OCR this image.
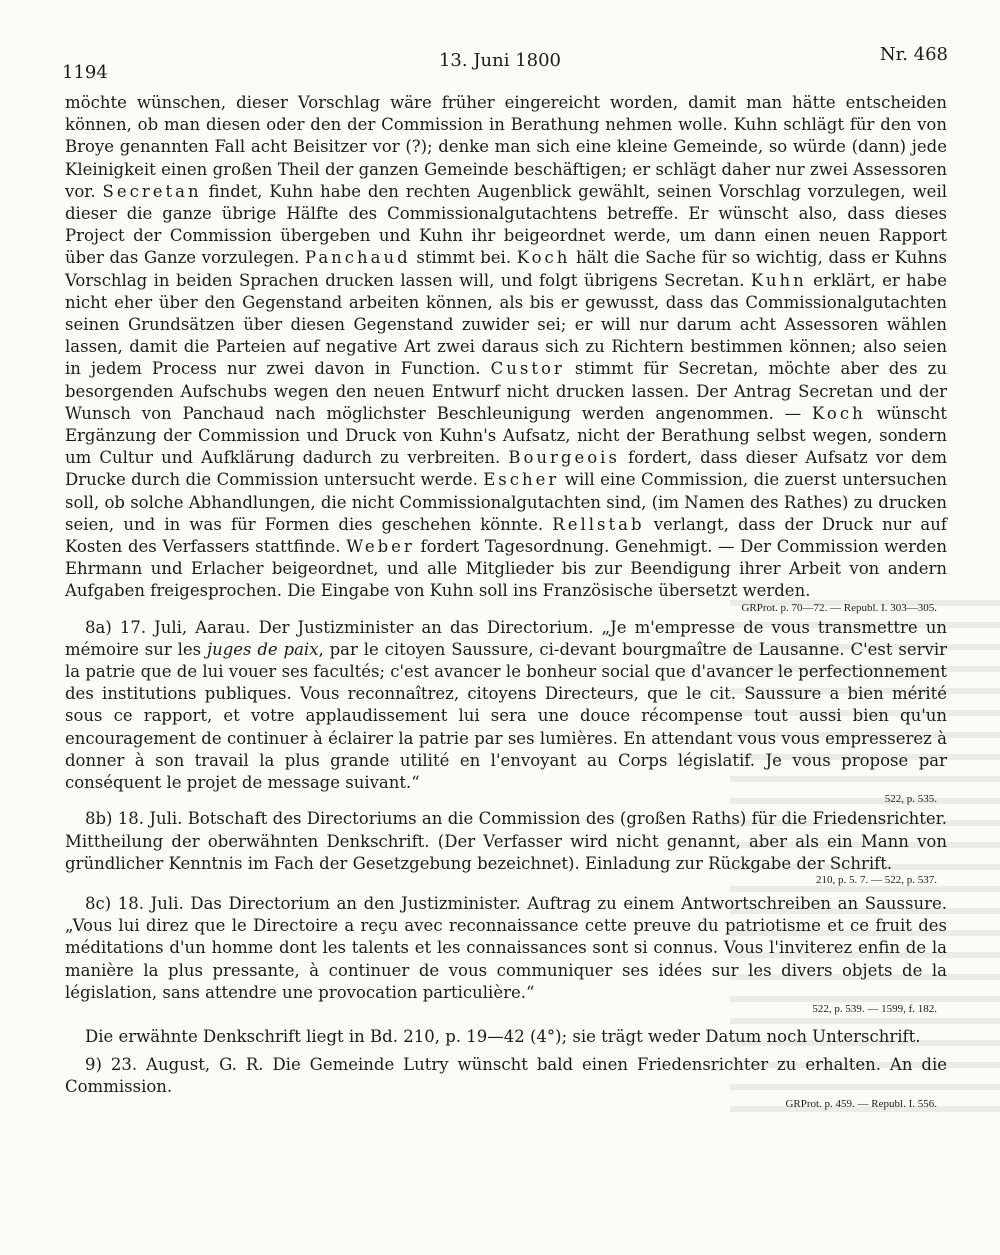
1194
13. Juni 1800	Nr. 468

möchte wünschen, dieser Vorschlag wäre früher eingereicht worden, damit man hätte entscheiden können, ob man diesen oder den der Commission in Berathung nehmen wolle. Kuhn schlägt für den von Broye genannten Fall acht Beisitzer vor (?); denke man sich eine kleine Gemeinde, so würde (dann) jede Kleinigkeit einen großen Theil der ganzen Gemeinde beschäftigen; er schlägt daher nur zwei Assessoren vor. Secretan findet, Kuhn habe den rechten Augenblick gewählt, seinen Vorschlag vorzulegen, weil dieser die ganze übrige Hälfte des Commissionalgutachtens betreffe. Er wünscht also, dass dieses Project der Commission übergeben und Kuhn ihr beigeordnet werde, um dann einen neuen Rapport über das Ganze vorzulegen. Panchaud stimmt bei. Koch hält die Sache für so wichtig, dass er Kuhns Vorschlag in beiden Sprachen drucken lassen will, und folgt übrigens Secretan. Kuhn erklärt, er habe nicht eher über den Gegenstand arbeiten können, als bis er gewusst, dass das Commissionalgutachten seinen Grundsätzen über diesen Gegenstand zuwider sei; er will nur darum acht Assessoren wählen lassen, damit die Parteien auf negative Art zwei daraus sich zu Richtern bestimmen können; also seien in jedem Process nur zwei davon in Function. Custor stimmt für Secretan, möchte aber des zu besorgenden Aufschubs wegen den neuen Entwurf nicht drucken lassen. Der Antrag Secretan und der Wunsch von Panchaud nach möglichster Beschleunigung werden angenommen. — Koch wünscht Ergänzung der Commission und Druck von Kuhn's Aufsatz, nicht der Berathung selbst wegen, sondern um Cultur und Aufklärung dadurch zu verbreiten. Bourgeois fordert, dass dieser Aufsatz vor dem Drucke durch die Commission untersucht werde. Escher will eine Commission, die zuerst untersuchen soll, ob solche Abhandlungen, die nicht Commissionalgutachten sind, (im Namen des Rathes) zu drucken seien, und in was für Formen dies geschehen könnte. Rellstab verlangt, dass der Druck nur auf Kosten des Verfassers stattfinde. Weber fordert Tagesordnung. Genehmigt. — Der Commission werden Ehrmann und Erlacher beigeordnet, und alle Mitglieder bis zur Beendigung ihrer Arbeit von andern Aufgaben freigesprochen. Die Eingabe von Kuhn soll ins Französische übersetzt werden.

GRProt. p. 70—72. — Republ. I. 303—305.

8a) 17. Juli, Aarau. Der Justizminister an das Directorium. „Je m'empresse de vous transmettre un mémoire sur les juges de paix, par le citoyen Saussure, ci-devant bourgmaître de Lausanne. C'est servir la patrie que de lui vouer ses facultés; c'est avancer le bonheur social que d'avancer le perfectionnement des institutions publiques. Vous reconnaîtrez, citoyens Directeurs, que le cit. Saussure a bien mérité sous ce rapport, et votre applaudissement lui sera une douce récompense tout aussi bien qu'un encouragement de continuer à éclairer la patrie par ses lumières. En attendant vous vous empresserez à donner à son travail la plus grande utilité en l'envoyant au Corps législatif. Je vous propose par conséquent le projet de message suivant.“

522, p. 535.

8b) 18. Juli. Botschaft des Directoriums an die Commission des (großen Raths) für die Friedensrichter. Mittheilung der oberwähnten Denkschrift. (Der Verfasser wird nicht genannt, aber als ein Mann von gründlicher Kenntnis im Fach der Gesetzgebung bezeichnet). Einladung zur Rückgabe der Schrift.

210, p. 5. 7. — 522, p. 537.

8c) 18. Juli. Das Directorium an den Justizminister. Auftrag zu einem Antwortschreiben an Saussure. „Vous lui direz que le Directoire a reçu avec reconnaissance cette preuve du patriotisme et ce fruit des méditations d'un homme dont les talents et les connaissances sont si connus. Vous l'inviterez enfin de la manière la plus pressante, à continuer de vous communiquer ses idées sur les divers objets de la législation, sans attendre une provocation particulière.“

522, p. 539. — 1599, f. 182.

Die erwähnte Denkschrift liegt in Bd. 210, p. 19—42 (4°); sie trägt weder Datum noch Unterschrift.

9) 23. August, G. R. Die Gemeinde Lutry wünscht bald einen Friedensrichter zu erhalten. An die Commission.

GRProt. p. 459. — Republ. I. 556.
